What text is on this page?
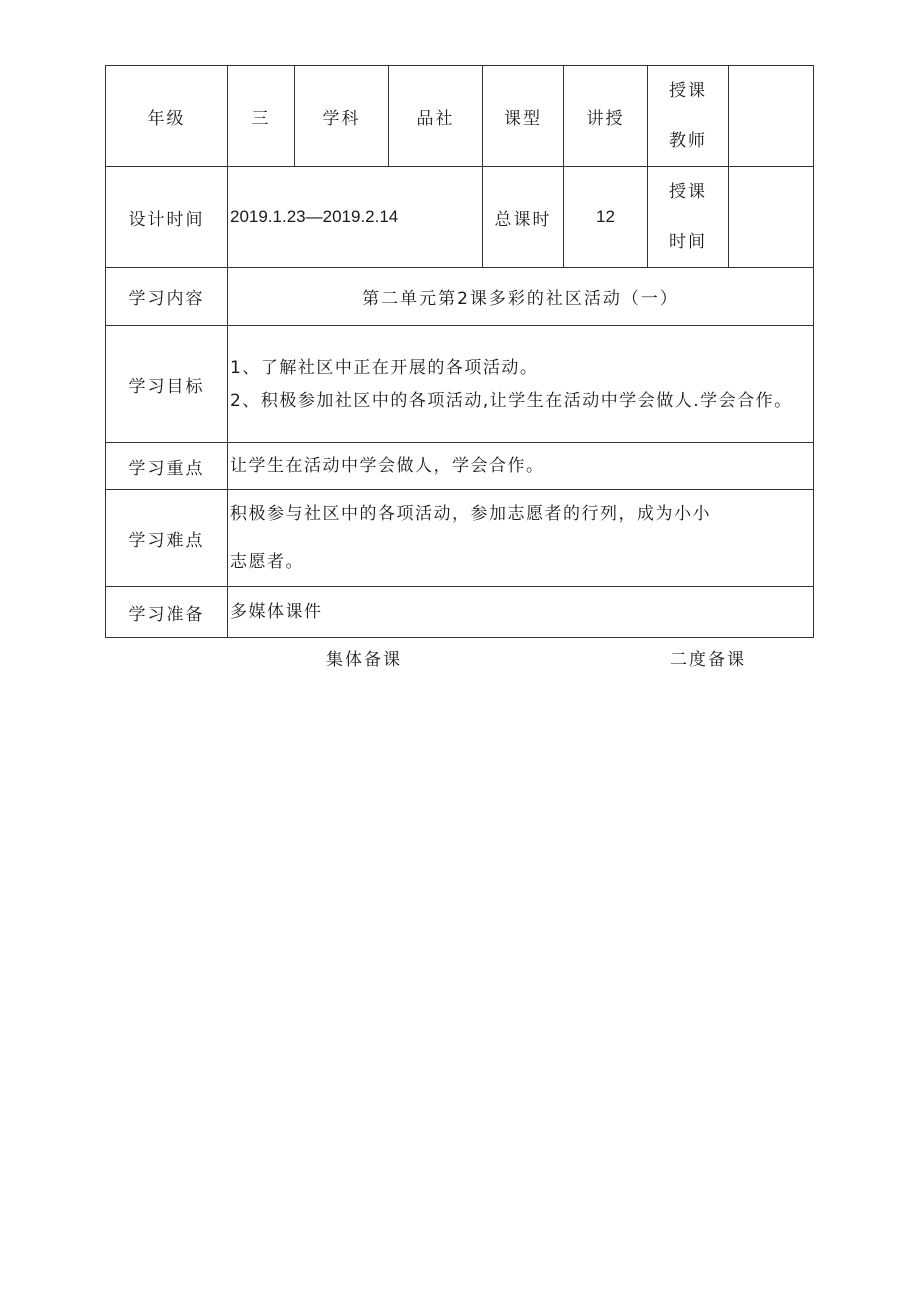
年级	三	学科	品社	课型	讲授	授课
教师	

设计时间	2019.1.23—2019.2.14			总课时	12	授课
时间	

学习内容	第二单元第2课多彩的社区活动（一）						
学习目标	1、了解社区中正在开展的各项活动。
2、积极参加社区中的各项活动,让学生在活动中学会做人.学会合作。						

学习重点	让学生在活动中学会做人，学会合作。						
学习难点	积极参与社区中的各项活动，参加志愿者的行列，成为小小
志愿者。						

学习准备	多媒体课件						
集体备课	二度备课
